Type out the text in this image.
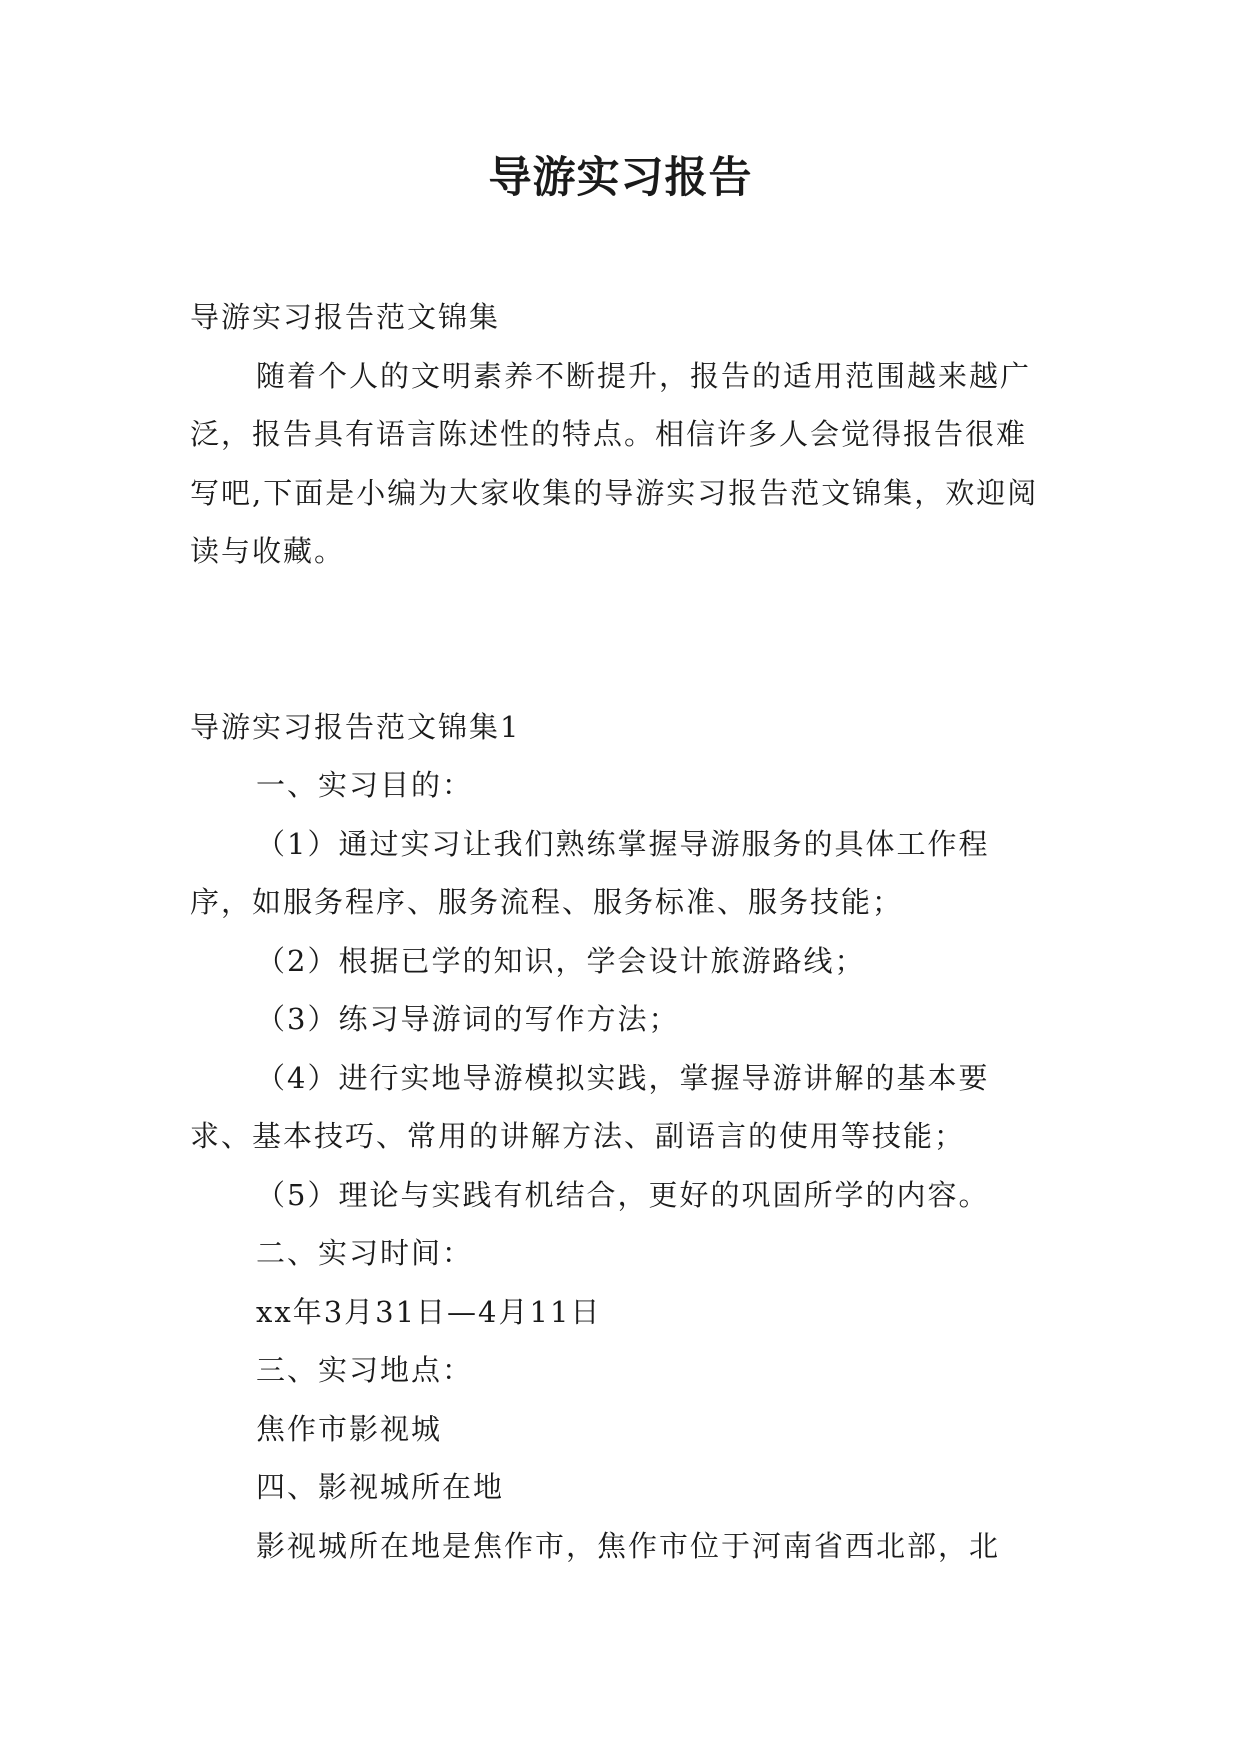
导游实习报告

导游实习报告范文锦集

随着个人的文明素养不断提升，报告的适用范围越来越广泛，报告具有语言陈述性的特点。相信许多人会觉得报告很难写吧,下面是小编为大家收集的导游实习报告范文锦集，欢迎阅读与收藏。

导游实习报告范文锦集1

一、实习目的：

（1）通过实习让我们熟练掌握导游服务的具体工作程序，如服务程序、服务流程、服务标准、服务技能；

（2）根据已学的知识，学会设计旅游路线；

（3）练习导游词的写作方法；

（4）进行实地导游模拟实践，掌握导游讲解的基本要求、基本技巧、常用的讲解方法、副语言的使用等技能；

（5）理论与实践有机结合，更好的巩固所学的内容。

二、实习时间：

xx年3月31日—4月11日

三、实习地点：

焦作市影视城

四、影视城所在地

影视城所在地是焦作市，焦作市位于河南省西北部，北
